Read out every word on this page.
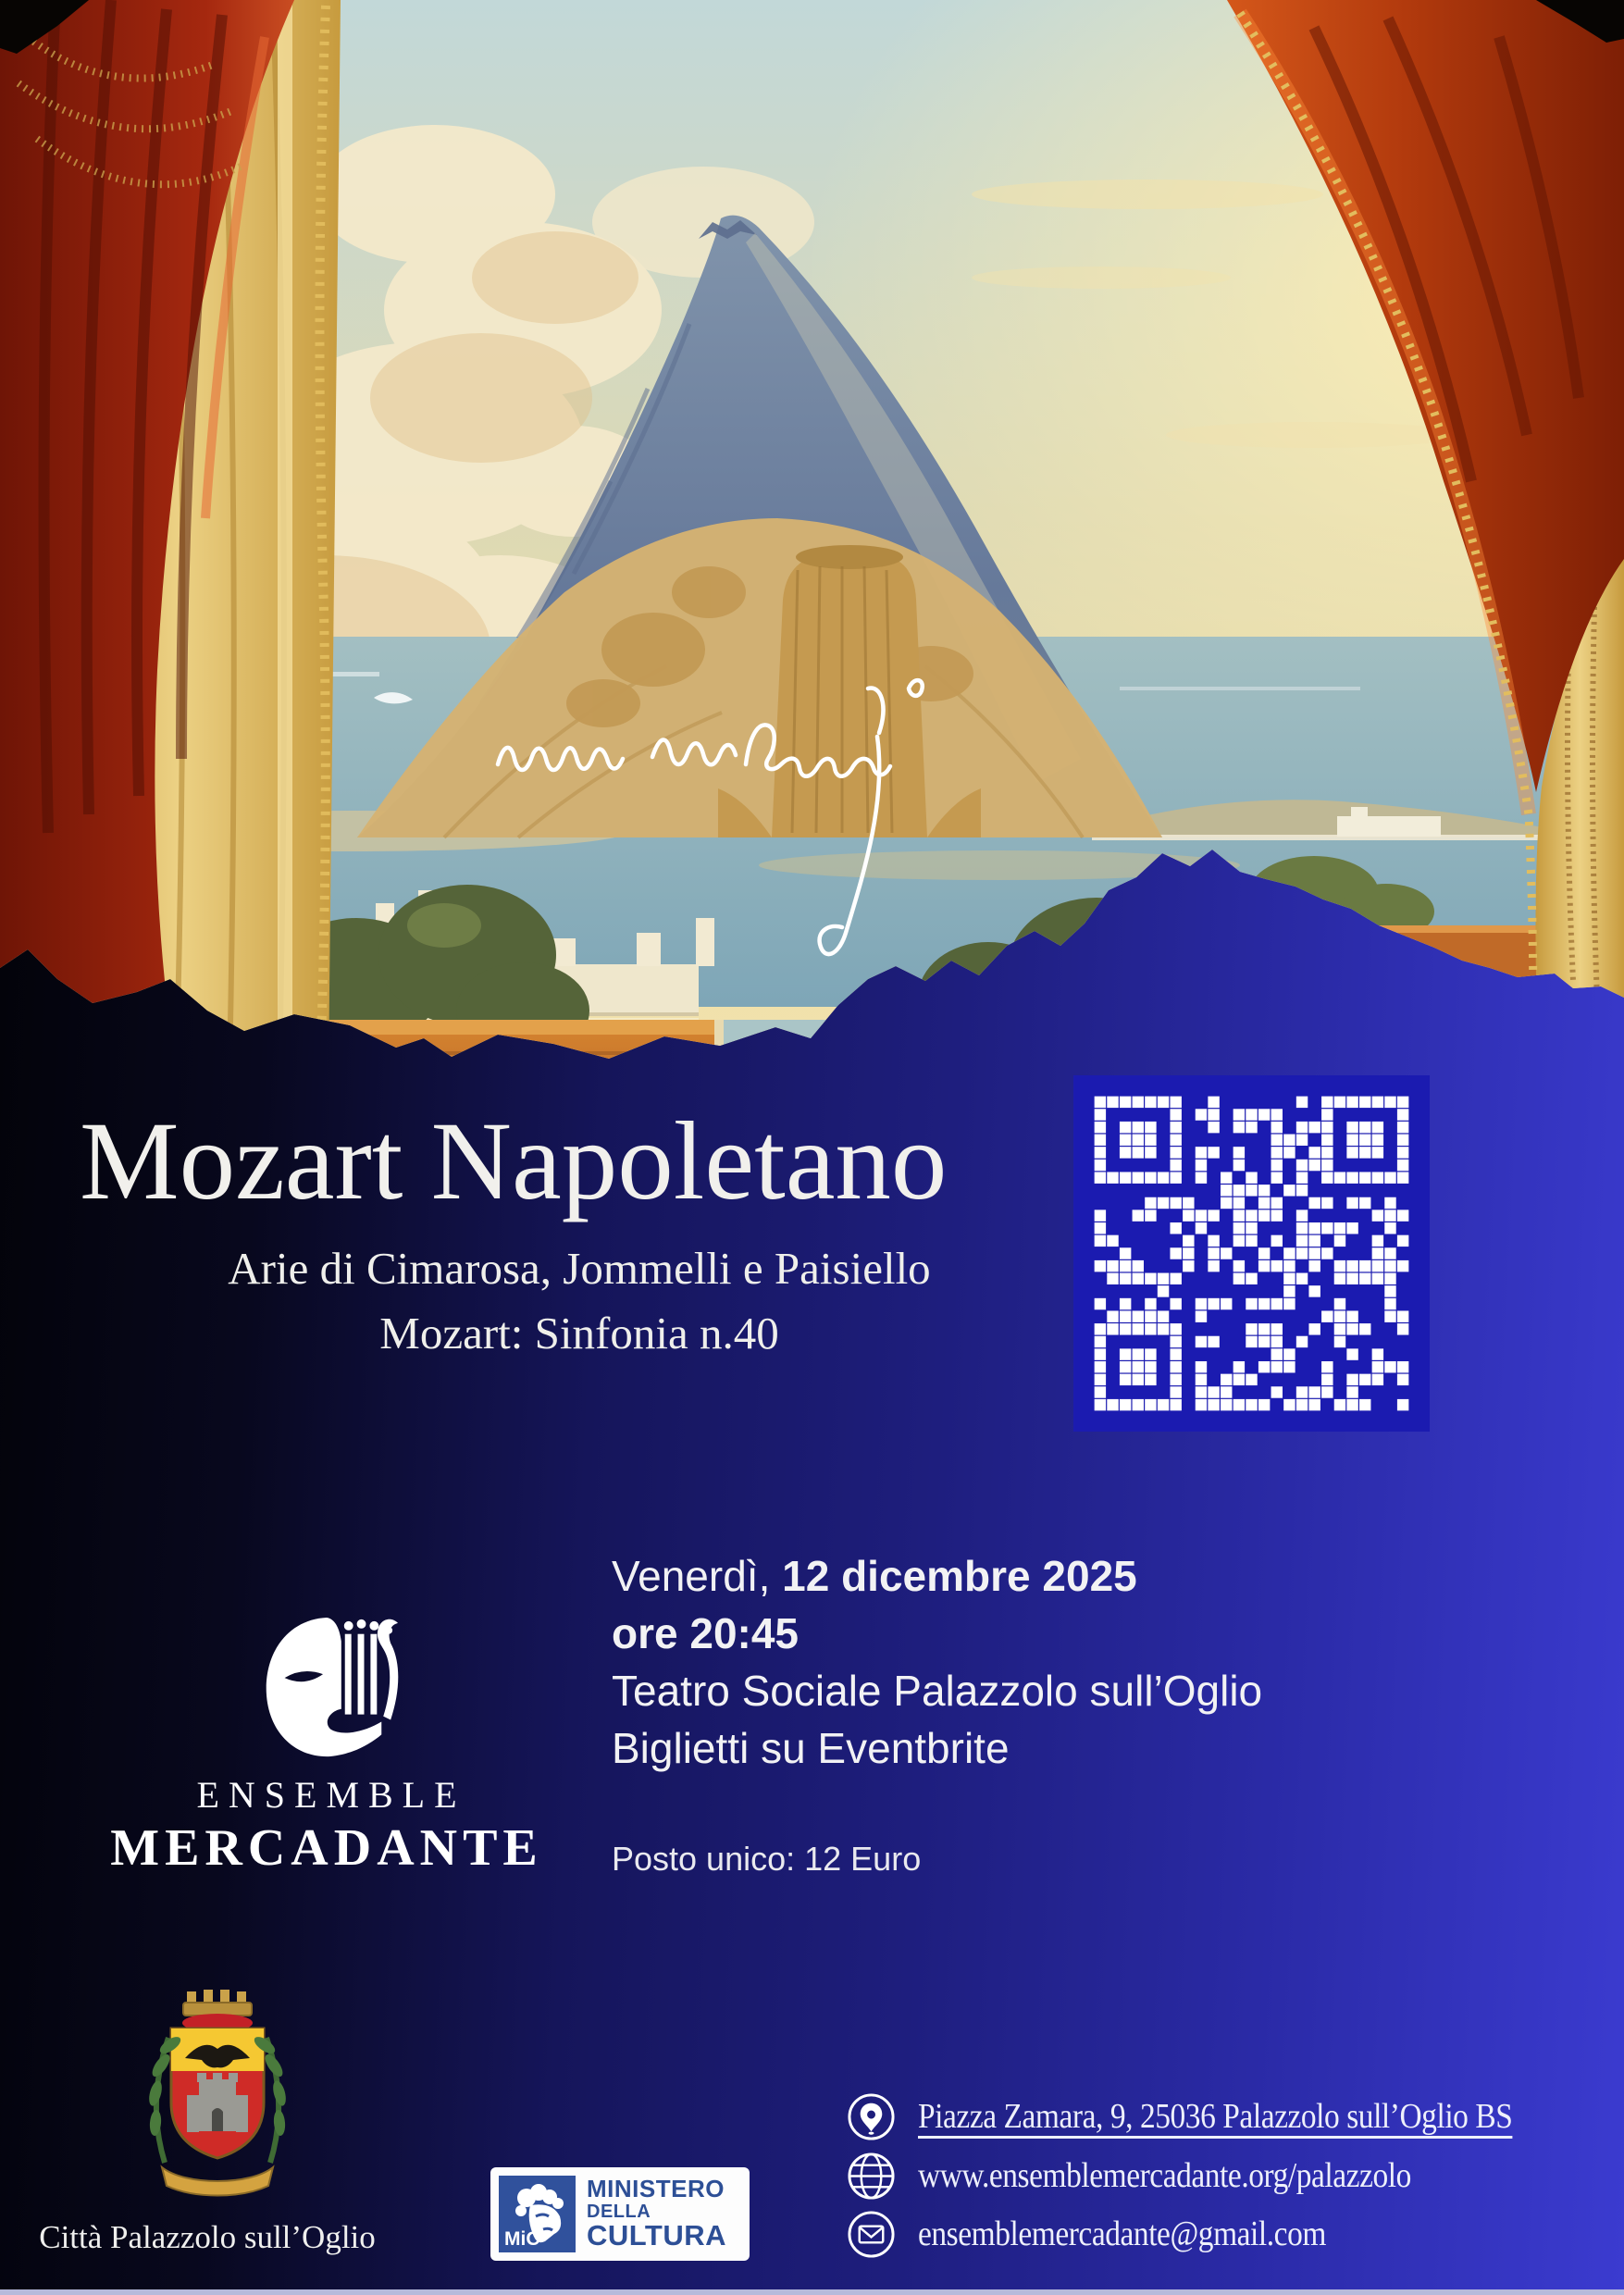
Mozart Napoletano
Arie di Cimarosa, Jommelli e Paisiello
Mozart: Sinfonia n.40
Venerdì, 12 dicembre 2025
ore 20:45
Teatro Sociale Palazzolo sull’Oglio
Biglietti su Eventbrite
Posto unico: 12 Euro
ENSEMBLE
MERCADANTE
Città Palazzolo sull’Oglio	MiC
MINISTERO
DELLA
CULTURA
Piazza Zamara, 9, 25036 Palazzolo sull’Oglio BS
www.ensemblemercadante.org/palazzolo
ensemblemercadante@gmail.com
